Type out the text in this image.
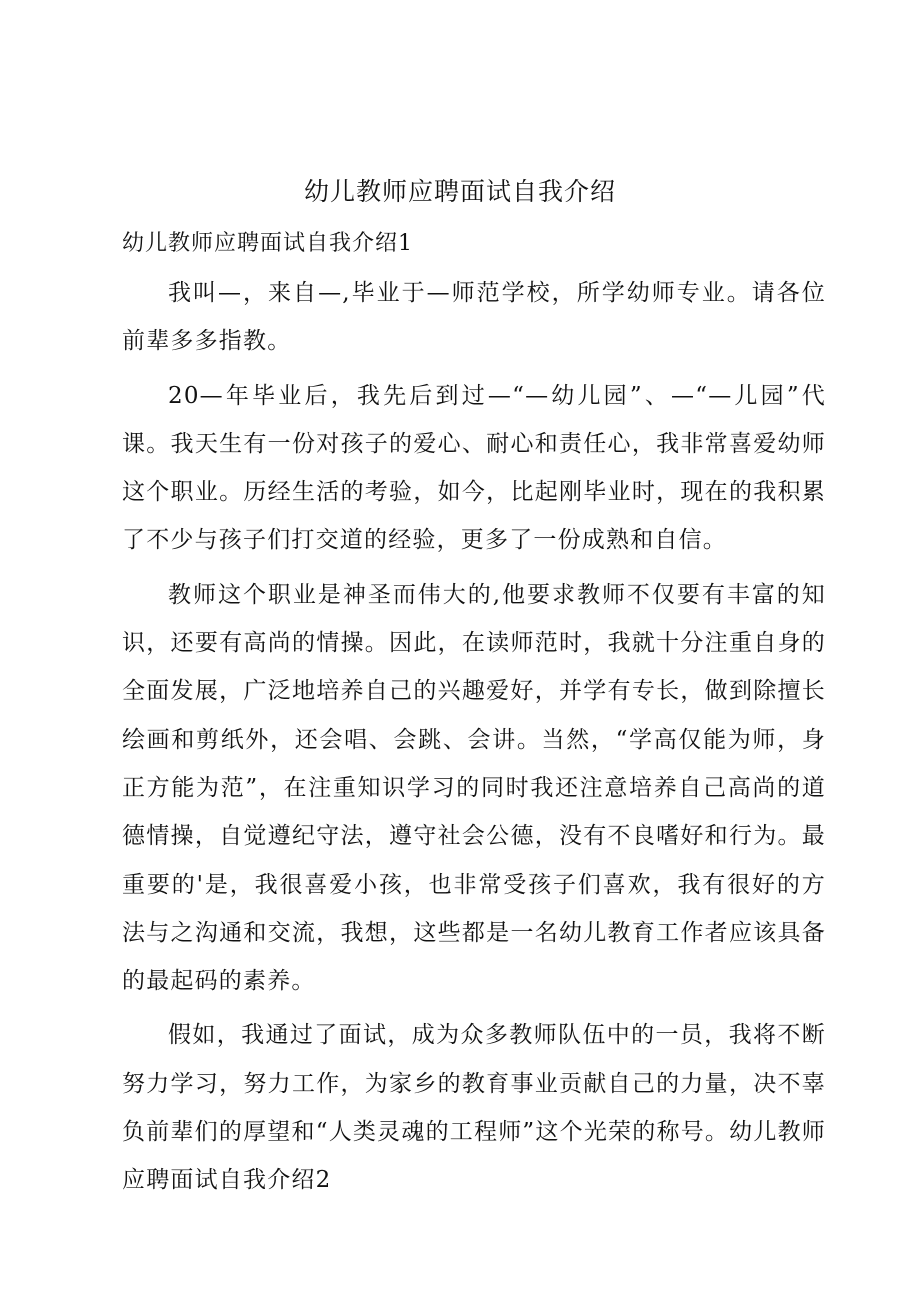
幼儿教师应聘面试自我介绍
幼儿教师应聘面试自我介绍1

我叫—，来自—,毕业于—师范学校，所学幼师专业。请各位前辈多多指教。

20—年毕业后，我先后到过—“—幼儿园”、—“—儿园”代课。我天生有一份对孩子的爱心、耐心和责任心，我非常喜爱幼师这个职业。历经生活的考验，如今，比起刚毕业时，现在的我积累了不少与孩子们打交道的经验，更多了一份成熟和自信。

教师这个职业是神圣而伟大的,他要求教师不仅要有丰富的知识，还要有高尚的情操。因此，在读师范时，我就十分注重自身的全面发展，广泛地培养自己的兴趣爱好，并学有专长，做到除擅长绘画和剪纸外，还会唱、会跳、会讲。当然，“学高仅能为师，身正方能为范”，在注重知识学习的同时我还注意培养自己高尚的道德情操，自觉遵纪守法，遵守社会公德，没有不良嗜好和行为。最重要的'是，我很喜爱小孩，也非常受孩子们喜欢，我有很好的方法与之沟通和交流，我想，这些都是一名幼儿教育工作者应该具备的最起码的素养。

假如，我通过了面试，成为众多教师队伍中的一员，我将不断努力学习，努力工作，为家乡的教育事业贡献自己的力量，决不辜负前辈们的厚望和“人类灵魂的工程师”这个光荣的称号。幼儿教师应聘面试自我介绍2
